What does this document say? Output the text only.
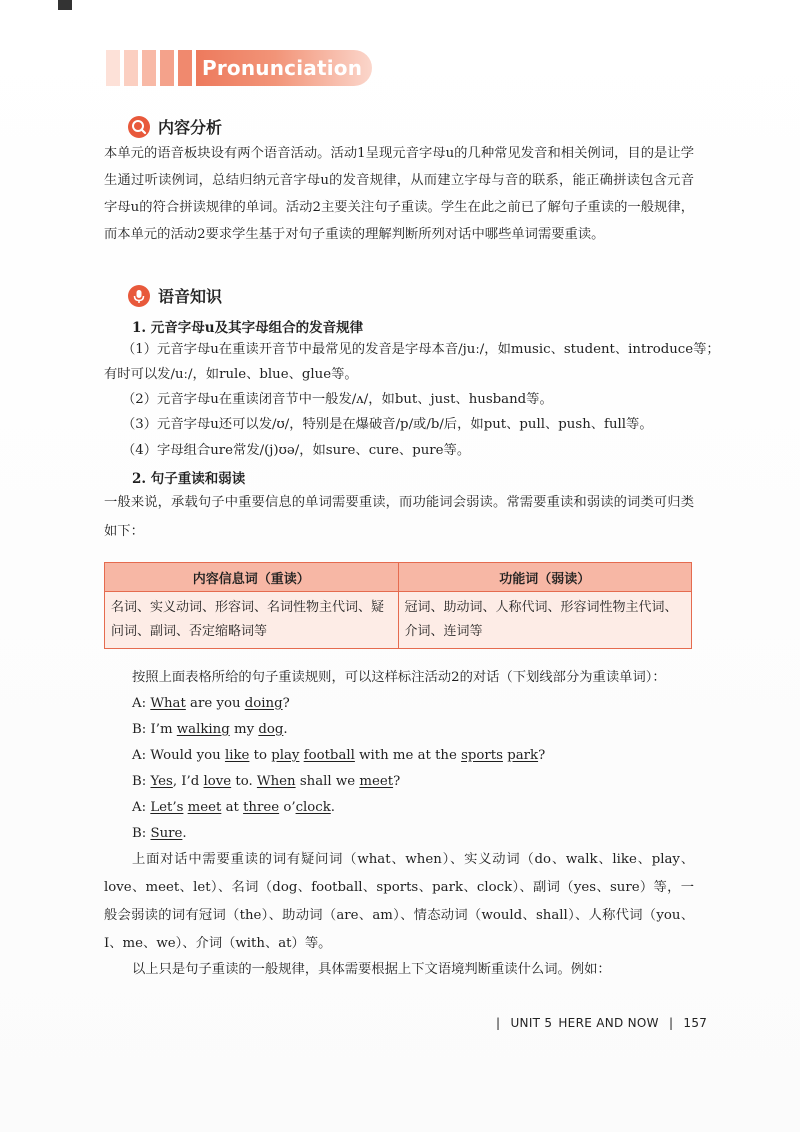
Pronunciation
内容分析
本单元的语音板块设有两个语音活动。活动1呈现元音字母u的几种常见发音和相关例词，目的是让学生通过听读例词，总结归纳元音字母u的发音规律，从而建立字母与音的联系，能正确拼读包含元音字母u的符合拼读规律的单词。活动2主要关注句子重读。学生在此之前已了解句子重读的一般规律，而本单元的活动2要求学生基于对句子重读的理解判断所列对话中哪些单词需要重读。
语音知识
1. 元音字母u及其字母组合的发音规律
（1）元音字母u在重读开音节中最常见的发音是字母本音/juː/，如music、student、introduce等；
有时可以发/uː/，如rule、blue、glue等。
（2）元音字母u在重读闭音节中一般发/ʌ/，如but、just、husband等。
（3）元音字母u还可以发/ʊ/，特别是在爆破音/p/或/b/后，如put、pull、push、full等。
（4）字母组合ure常发/(j)ʊə/，如sure、cure、pure等。
2. 句子重读和弱读
一般来说，承载句子中重要信息的单词需要重读，而功能词会弱读。常需要重读和弱读的词类可归类如下：
内容信息词（重读）	功能词（弱读）
名词、实义动词、形容词、名词性物主代词、疑问词、副词、否定缩略词等	冠词、助动词、人称代词、形容词性物主代词、介词、连词等
按照上面表格所给的句子重读规则，可以这样标注活动2的对话（下划线部分为重读单词）：
A: What are you doing?
B: I’m walking my dog.
A: Would you like to play football with me at the sports park?
B: Yes, I’d love to. When shall we meet?
A: Let’s meet at three o’clock.
B: Sure.
上面对话中需要重读的词有疑问词（what、when）、实义动词（do、walk、like、play、love、meet、let）、名词（dog、football、sports、park、clock）、副词（yes、sure）等，一般会弱读的词有冠词（the）、助动词（are、am）、情态动词（would、shall）、人称代词（you、I、me、we）、介词（with、at）等。
以上只是句子重读的一般规律，具体需要根据上下文语境判断重读什么词。例如：
| UNIT 5 HERE AND NOW | 157
